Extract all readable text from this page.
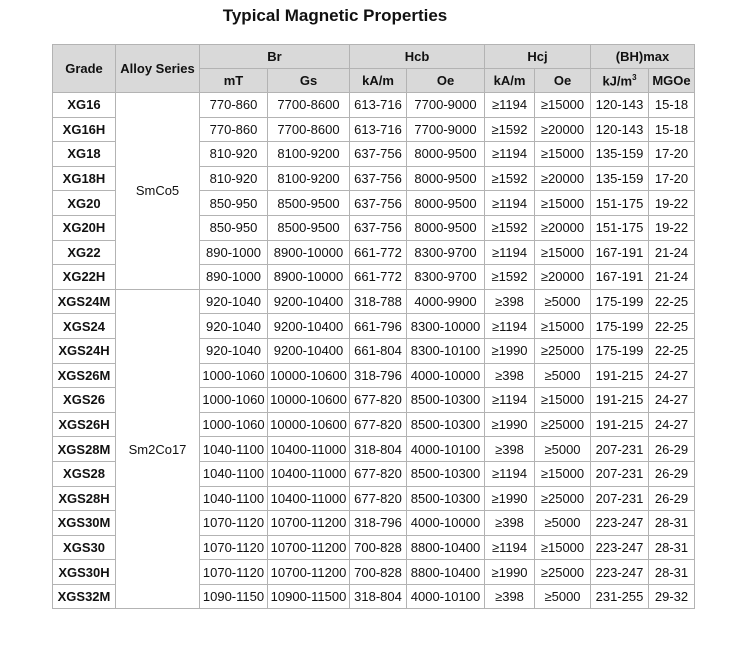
Typical Magnetic Properties
Grade	Alloy Series	Br		Hcb		Hcj		(BH)max	
		mT	Gs	kA/m	Oe	kA/m	Oe	$kJ/m^3$	MGOe
XG16	SmCo5	770-860	7700-8600	613-716	7700-9000	≥1194	≥15000	120-143	15-18
XG16H		770-860	7700-8600	613-716	7700-9000	≥1592	≥20000	120-143	15-18
XG18		810-920	8100-9200	637-756	8000-9500	≥1194	≥15000	135-159	17-20
XG18H		810-920	8100-9200	637-756	8000-9500	≥1592	≥20000	135-159	17-20
XG20		850-950	8500-9500	637-756	8000-9500	≥1194	≥15000	151-175	19-22
XG20H		850-950	8500-9500	637-756	8000-9500	≥1592	≥20000	151-175	19-22
XG22		890-1000	8900-10000	661-772	8300-9700	≥1194	≥15000	167-191	21-24
XG22H		890-1000	8900-10000	661-772	8300-9700	≥1592	≥20000	167-191	21-24
XGS24M	Sm2Co17	920-1040	9200-10400	318-788	4000-9900	≥398	≥5000	175-199	22-25
XGS24		920-1040	9200-10400	661-796	8300-10000	≥1194	≥15000	175-199	22-25
XGS24H		920-1040	9200-10400	661-804	8300-10100	≥1990	≥25000	175-199	22-25
XGS26M		1000-1060	10000-10600	318-796	4000-10000	≥398	≥5000	191-215	24-27
XGS26		1000-1060	10000-10600	677-820	8500-10300	≥1194	≥15000	191-215	24-27
XGS26H		1000-1060	10000-10600	677-820	8500-10300	≥1990	≥25000	191-215	24-27
XGS28M		1040-1100	10400-11000	318-804	4000-10100	≥398	≥5000	207-231	26-29
XGS28		1040-1100	10400-11000	677-820	8500-10300	≥1194	≥15000	207-231	26-29
XGS28H		1040-1100	10400-11000	677-820	8500-10300	≥1990	≥25000	207-231	26-29
XGS30M		1070-1120	10700-11200	318-796	4000-10000	≥398	≥5000	223-247	28-31
XGS30		1070-1120	10700-11200	700-828	8800-10400	≥1194	≥15000	223-247	28-31
XGS30H		1070-1120	10700-11200	700-828	8800-10400	≥1990	≥25000	223-247	28-31
XGS32M		1090-1150	10900-11500	318-804	4000-10100	≥398	≥5000	231-255	29-32
